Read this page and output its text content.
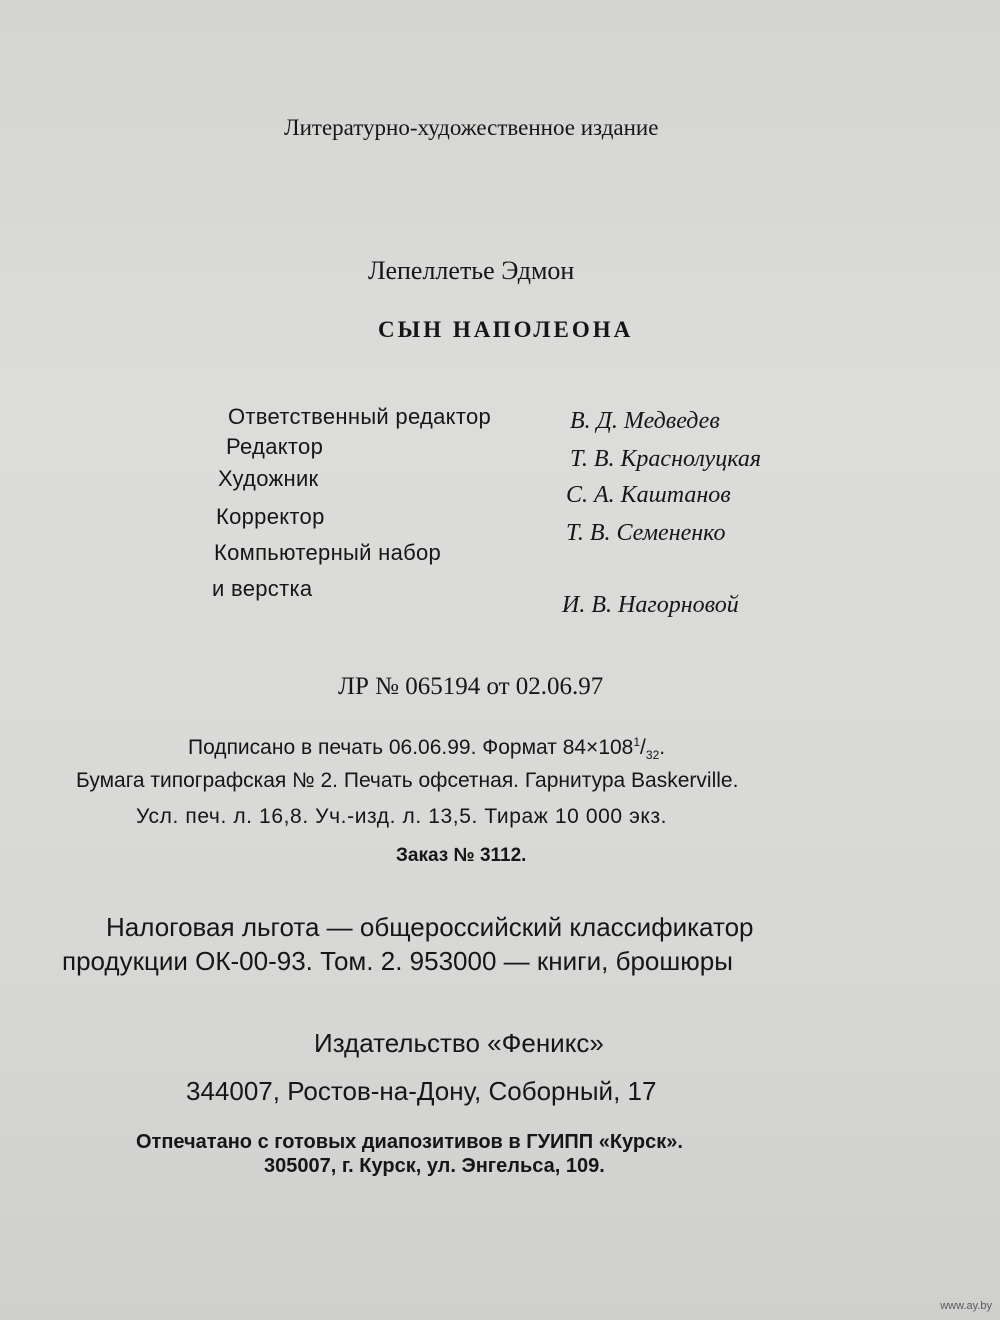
Литературно-художественное издание
Лепеллетье Эдмон
СЫН НАПОЛЕОНА
Ответственный редактор	В. Д. Медведев
Редактор	Т. В. Краснолуцкая
Художник
С. А. Каштанов
Корректор
Т. В. Семененко
Компьютерный набор
и верстка
И. В. Нагорновой
ЛР № 065194 от 02.06.97
Подписано в печать 06.06.99. Формат $84\times 108^1/_{32}$.
Бумага типографская № 2. Печать офсетная. Гарнитура Baskerville.
Усл. печ. л. 16,8. Уч.-изд. л. 13,5. Тираж 10 000 экз.
Заказ № 3112.
Налоговая льгота — общероссийский классификатор
продукции ОК-00-93. Том. 2. 953000 — книги, брошюры
Издательство «Феникс»
344007, Ростов-на-Дону, Соборный, 17
Отпечатано с готовых диапозитивов в ГУИПП «Курск».
305007, г. Курск, ул. Энгельса, 109.
www.ay.by
